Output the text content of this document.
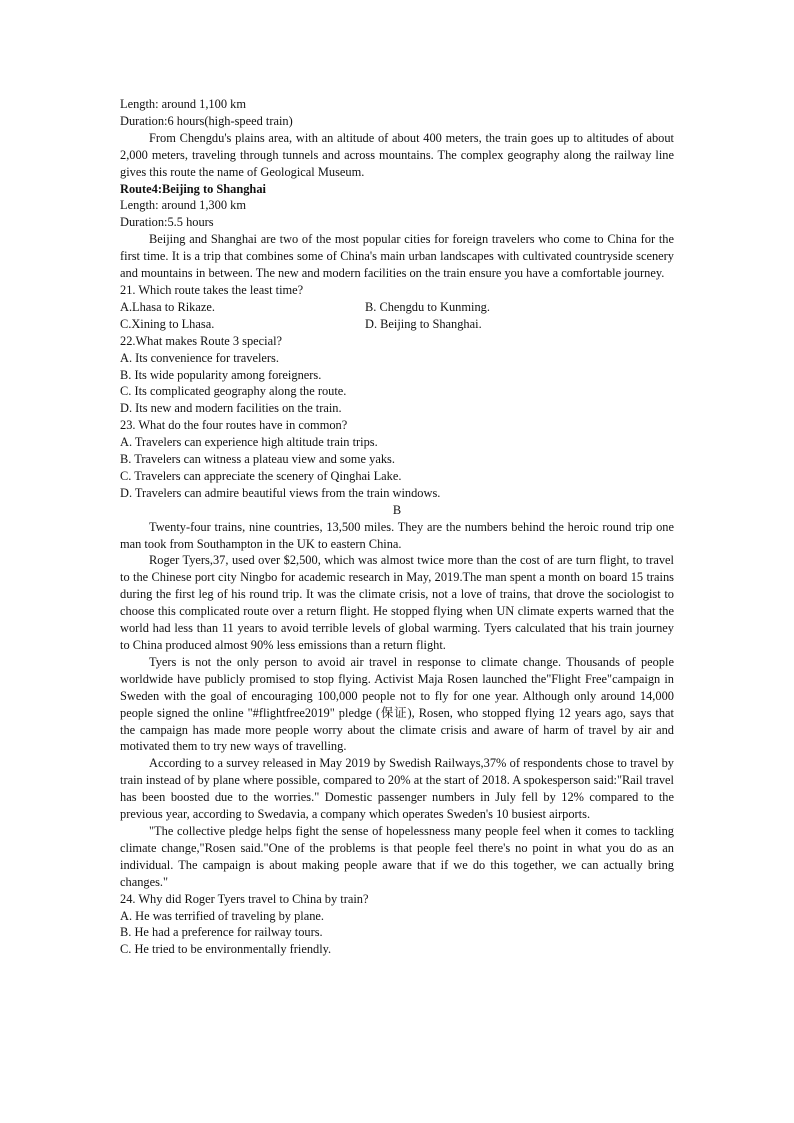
Length: around 1,100 km
Duration:6 hours(high-speed train)
From Chengdu's plains area, with an altitude of about 400 meters, the train goes up to altitudes of about 2,000 meters, traveling through tunnels and across mountains. The complex geography along the railway line gives this route the name of Geological Museum.
Route4:Beijing to Shanghai
Length: around 1,300 km
Duration:5.5 hours
Beijing and Shanghai are two of the most popular cities for foreign travelers who come to China for the first time. It is a trip that combines some of China's main urban landscapes with cultivated countryside scenery and mountains in between. The new and modern facilities on the train ensure you have a comfortable journey.
21. Which route takes the least time?
A.Lhasa to Rikaze.	B. Chengdu to Kunming.
C.Xining to Lhasa.	D. Beijing to Shanghai.
22.What makes Route 3 special?
A. Its convenience for travelers.
B. Its wide popularity among foreigners.
C. Its complicated geography along the route.
D. Its new and modern facilities on the train.
23. What do the four routes have in common?
A. Travelers can experience high altitude train trips.
B. Travelers can witness a plateau view and some yaks.
C. Travelers can appreciate the scenery of Qinghai Lake.
D. Travelers can admire beautiful views from the train windows.
B
Twenty-four trains, nine countries, 13,500 miles. They are the numbers behind the heroic round trip one man took from Southampton in the UK to eastern China.
Roger Tyers,37, used over $2,500, which was almost twice more than the cost of are turn flight, to travel to the Chinese port city Ningbo for academic research in May, 2019.The man spent a month on board 15 trains during the first leg of his round trip. It was the climate crisis, not a love of trains, that drove the sociologist to choose this complicated route over a return flight. He stopped flying when UN climate experts warned that the world had less than 11 years to avoid terrible levels of global warming. Tyers calculated that his train journey to China produced almost 90% less emissions than a return flight.
Tyers is not the only person to avoid air travel in response to climate change. Thousands of people worldwide have publicly promised to stop flying. Activist Maja Rosen launched the"Flight Free"campaign in Sweden with the goal of encouraging 100,000 people not to fly for one year. Although only around 14,000 people signed the online "#flightfree2019" pledge (保证), Rosen, who stopped flying 12 years ago, says that the campaign has made more people worry about the climate crisis and aware of harm of travel by air and motivated them to try new ways of travelling.
According to a survey released in May 2019 by Swedish Railways,37% of respondents chose to travel by train instead of by plane where possible, compared to 20% at the start of 2018. A spokesperson said:"Rail travel has been boosted due to the worries." Domestic passenger numbers in July fell by 12% compared to the previous year, according to Swedavia, a company which operates Sweden's 10 busiest airports.
"The collective pledge helps fight the sense of hopelessness many people feel when it comes to tackling climate change,"Rosen said."One of the problems is that people feel there's no point in what you do as an individual. The campaign is about making people aware that if we do this together, we can actually bring changes."
24. Why did Roger Tyers travel to China by train?
A. He was terrified of traveling by plane.
B. He had a preference for railway tours.
C. He tried to be environmentally friendly.
